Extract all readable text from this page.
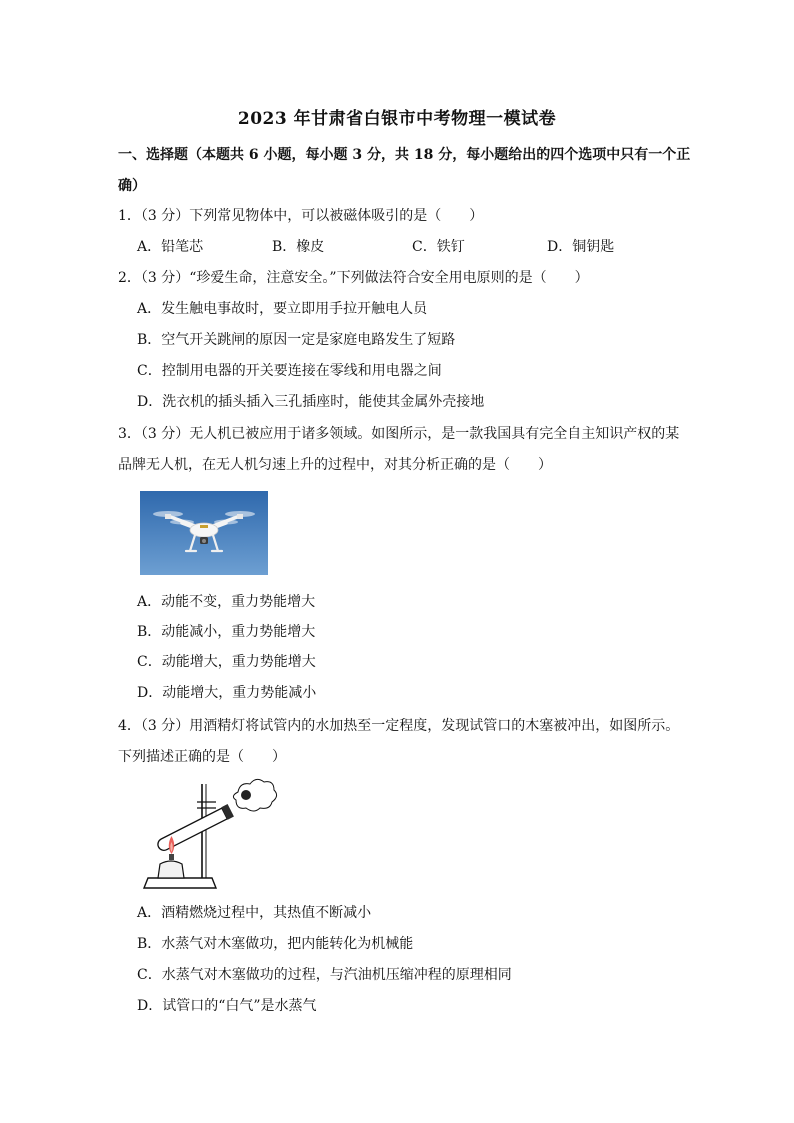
2023 年甘肃省白银市中考物理一模试卷
一、选择题（本题共 6 小题，每小题 3 分，共 18 分，每小题给出的四个选项中只有一个正
确）
1．（3 分）下列常见物体中，可以被磁体吸引的是（　　）
A．铅笔芯	B．橡皮	C．铁钉	D．铜钥匙
2．（3 分）“珍爱生命，注意安全。”下列做法符合安全用电原则的是（　　）
A．发生触电事故时，要立即用手拉开触电人员
B．空气开关跳闸的原因一定是家庭电路发生了短路
C．控制用电器的开关要连接在零线和用电器之间
D．洗衣机的插头插入三孔插座时，能使其金属外壳接地
3．（3 分）无人机已被应用于诸多领域。如图所示，是一款我国具有完全自主知识产权的某
品牌无人机，在无人机匀速上升的过程中，对其分析正确的是（　　）
A．动能不变，重力势能增大
B．动能减小，重力势能增大
C．动能增大，重力势能增大
D．动能增大，重力势能减小
4．（3 分）用酒精灯将试管内的水加热至一定程度，发现试管口的木塞被冲出，如图所示。
下列描述正确的是（　　）
A．酒精燃烧过程中，其热值不断减小
B．水蒸气对木塞做功，把内能转化为机械能
C．水蒸气对木塞做功的过程，与汽油机压缩冲程的原理相同
D．试管口的“白气”是水蒸气
